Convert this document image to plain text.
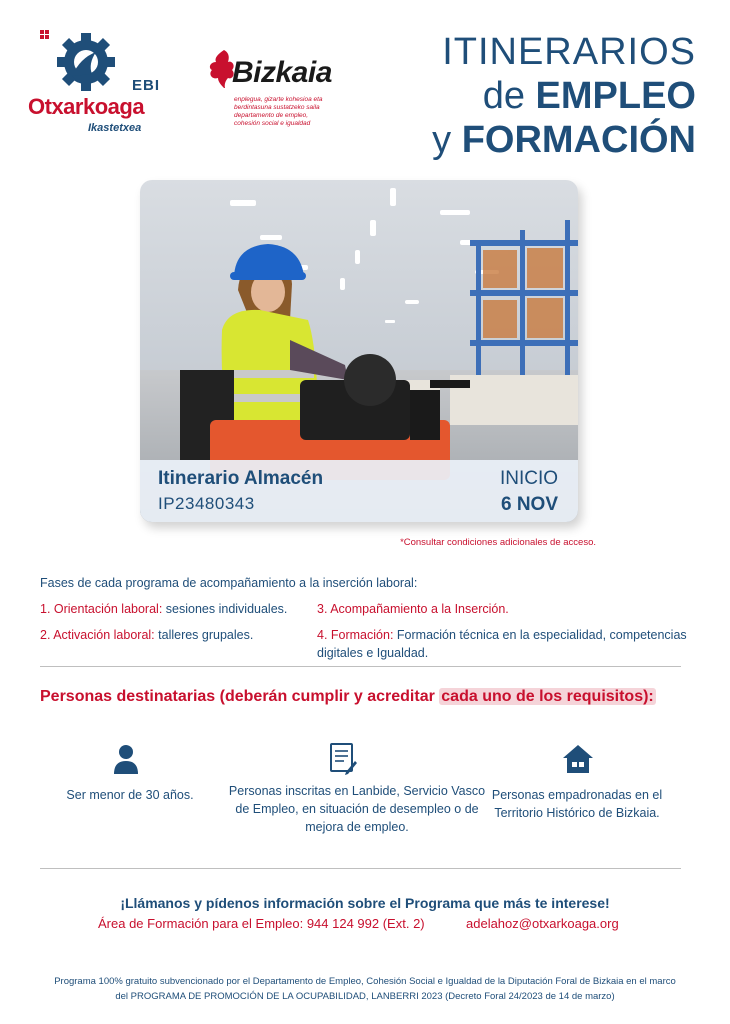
EBI
Otxarkoaga
Ikastetxea
Bizkaia
enplegua, gizarte kohesioa eta
berdintasuna sustatzeko saila
departamento de empleo,
cohesión social e igualdad
ITINERARIOS
de EMPLEO
y FORMACIÓN
Itinerario Almacén
IP23480343
INICIO
6 NOV
*Consultar condiciones adicionales de acceso.
Fases de cada programa de acompañamiento a la inserción laboral:
1. Orientación laboral: sesiones individuales. 3. Acompañamiento a la Inserción.
2. Activación laboral: talleres grupales.	4. Formación: Formación técnica en la especialidad, competencias digitales e Igualdad.
Personas destinatarias (deberán cumplir y acreditar cada uno de los requisitos):
Ser menor de 30 años.	Personas inscritas en Lanbide, Servicio Vasco de Empleo, en situación de desempleo o de mejora de empleo.
Personas empadronadas en el Territorio Histórico de Bizkaia.
¡Llámanos y pídenos información sobre el Programa que más te interese!
Área de Formación para el Empleo: 944 124 992 (Ext. 2)	adelahoz@otxarkoaga.org
Programa 100% gratuito subvencionado por el Departamento de Empleo, Cohesión Social e Igualdad de la Diputación Foral de Bizkaia en el marco
del PROGRAMA DE PROMOCIÓN DE LA OCUPABILIDAD, LANBERRI 2023 (Decreto Foral 24/2023 de 14 de marzo)
